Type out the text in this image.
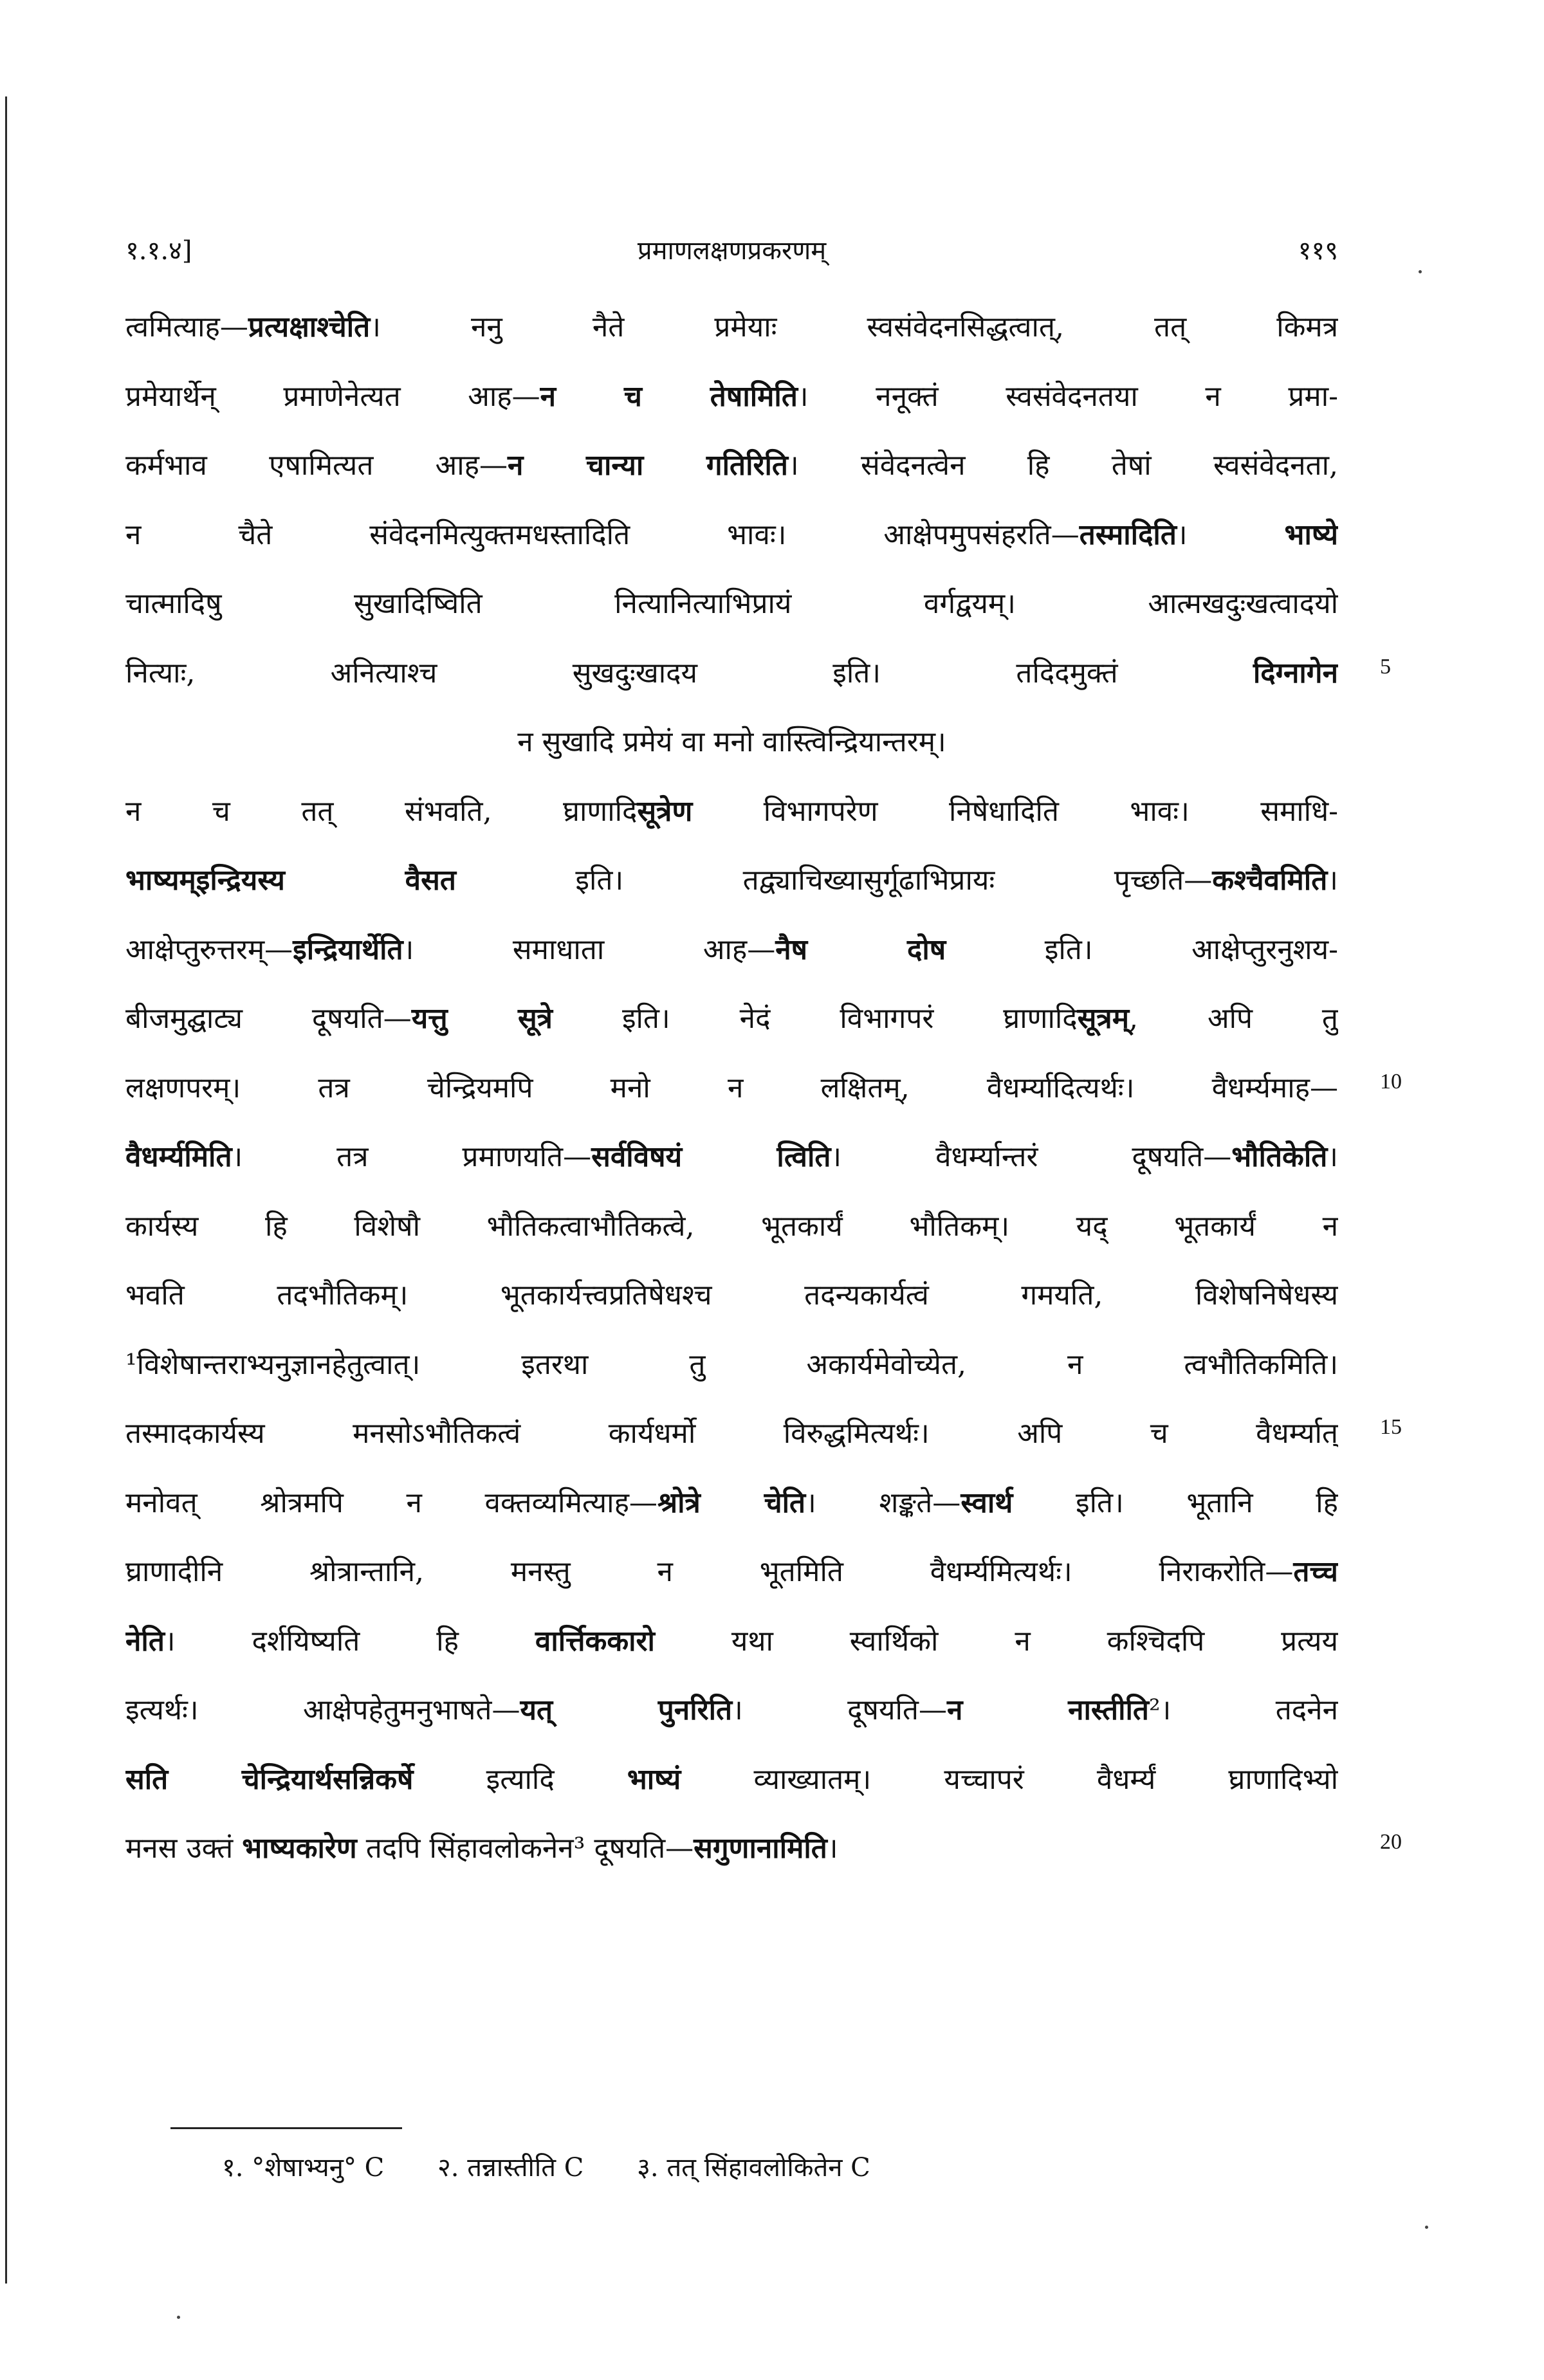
१.१.४]	प्रमाणलक्षणप्रकरणम्	११९
त्वमित्याह—प्रत्यक्षाश्चेति। ननु नैते प्रमेयाः स्वसंवेदनसिद्धत्वात्, तत् किमत्र
प्रमेयार्थेन् प्रमाणेनेत्यत आह—न च तेषामिति। ननूक्तं स्वसंवेदनतया न प्रमा-
कर्मभाव एषामित्यत आह—न चान्या गतिरिति। संवेदनत्वेन हि तेषां स्वसंवेदनता,
न चैते संवेदनमित्युक्तमधस्तादिति भावः। आक्षेपमुपसंहरति—तस्मादिति। भाष्ये
चात्मादिषु सुखादिष्विति नित्यानित्याभिप्रायं वर्गद्वयम्। आत्मखदुःखत्वादयो
नित्याः, अनित्याश्च सुखदुःखादय इति। तदिदमुक्तं दिग्नागेन
न सुखादि प्रमेयं वा मनो वास्त्विन्द्रियान्तरम्।
न च तत् संभवति, घ्राणादिसूत्रेण विभागपरेण निषेधादिति भावः। समाधि-
भाष्यम्इन्द्रियस्य वैसत इति। तद्व्याचिख्यासुर्गूढाभिप्रायः पृच्छति—कश्चैवमिति।
आक्षेप्तुरुत्तरम्—इन्द्रियार्थेति। समाधाता आह—नैष दोष इति। आक्षेप्तुरनुशय-
बीजमुद्घाट्य दूषयति—यत्तु सूत्रे इति। नेदं विभागपरं घ्राणादिसूत्रम्, अपि तु
लक्षणपरम्। तत्र चेन्द्रियमपि मनो न लक्षितम्, वैधर्म्यादित्यर्थः। वैधर्म्यमाह—
वैधर्म्यमिति। तत्र प्रमाणयति—सर्वविषयं त्विति। वैधर्म्यान्तरं दूषयति—भौतिकेति।
कार्यस्य हि विशेषौ भौतिकत्वाभौतिकत्वे, भूतकार्यं भौतिकम्। यद् भूतकार्यं न
भवति तदभौतिकम्। भूतकार्यत्त्वप्रतिषेधश्च तदन्यकार्यत्वं गमयति, विशेषनिषेधस्य
¹विशेषान्तराभ्यनुज्ञानहेतुत्वात्। इतरथा तु अकार्यमेवोच्येत, न त्वभौतिकमिति।
तस्मादकार्यस्य मनसोऽभौतिकत्वं कार्यधर्मो विरुद्धमित्यर्थः। अपि च वैधर्म्यात्
मनोवत् श्रोत्रमपि न वक्तव्यमित्याह—श्रोत्रे चेति। शङ्कते—स्वार्थ इति। भूतानि हि
घ्राणादीनि श्रोत्रान्तानि, मनस्तु न भूतमिति वैधर्म्यमित्यर्थः। निराकरोति—तच्च
नेति। दर्शयिष्यति हि वार्त्तिककारो यथा स्वार्थिको न कश्चिदपि प्रत्यय
इत्यर्थः। आक्षेपहेतुमनुभाषते—यत् पुनरिति। दूषयति—न नास्तीति²। तदनेन
सति चेन्द्रियार्थसन्निकर्षे इत्यादि भाष्यं व्याख्यातम्। यच्चापरं वैधर्म्यं घ्राणादिभ्यो
मनस उक्तं भाष्यकारेण तदपि सिंहावलोकनेन³ दूषयति—सगुणानामिति।
5
10
15
20
१. °शेषाभ्यनु° C २. तन्नास्तीति C ३. तत् सिंहावलोकितेन C
